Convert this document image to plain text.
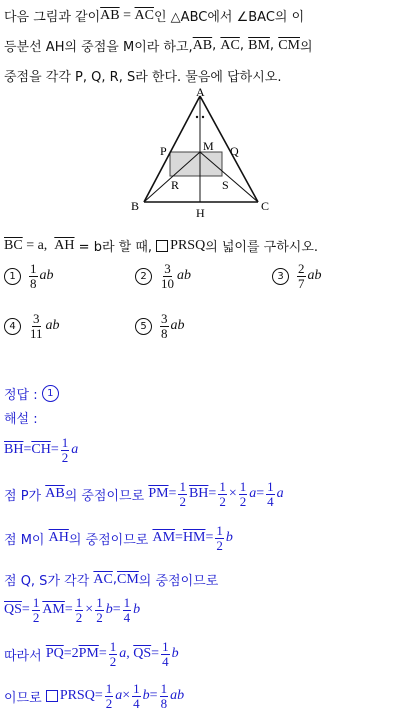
다음 그림과 같이 $\overline{AB} = \overline{AC}$ 인 △ABC에서 ∠BAC의 이
등분선 AH의 중점을 M이라 하고, $\overline{AB}$ , $\overline{AC}$ , $\overline{BM}$ , $\overline{CM}$ 의
중점을 각각 P, Q, R, S라 한다. 물음에 답하시오.
A
B	C
H
M
P	Q
R	S
$\overline{BC} = a$, $\overline{AH} = b$라 할 때, PRSQ 의 넓이를 구하시오.
1	$\frac{1}{8}$ ab	2	$\frac{3}{10}$ ab	3	$\frac{2}{7}$ ab
4	$\frac{3}{11}$ ab	5	$\frac{3}{8}$ ab
정답 : 1
해설 :
$\overline{BH} = \overline{CH} = \frac{1}{2}$ a
점 P가 $\overline{AB}$ 의 중점이므로 $\overline{PM} = \frac{1}{2} \overline{BH} = \frac{1}{2} \times \frac{1}{2}$ $a = \frac{1}{4}$ a
점 M이 $\overline{AH}$ 의 중점이므로 $\overline{AM} = \overline{HM} = \frac{1}{2}$ b
점 Q, S가 각각 $\overline{AC}$ , $\overline{CM}$ 의 중점이므로
$\overline{QS} = \frac{1}{2} \overline{AM} = \frac{1}{2} \times \frac{1}{2}$ $b = \frac{1}{4}$ b
따라서 $\overline{PQ} =2$ $\overline{PM} = \frac{1}{2}$ a , $\overline{QS} = \frac{1}{4}$ b
이므로 PRSQ = $\frac{1}{2}$ $a \times \frac{1}{4}$ $b = \frac{1}{8}$ ab
